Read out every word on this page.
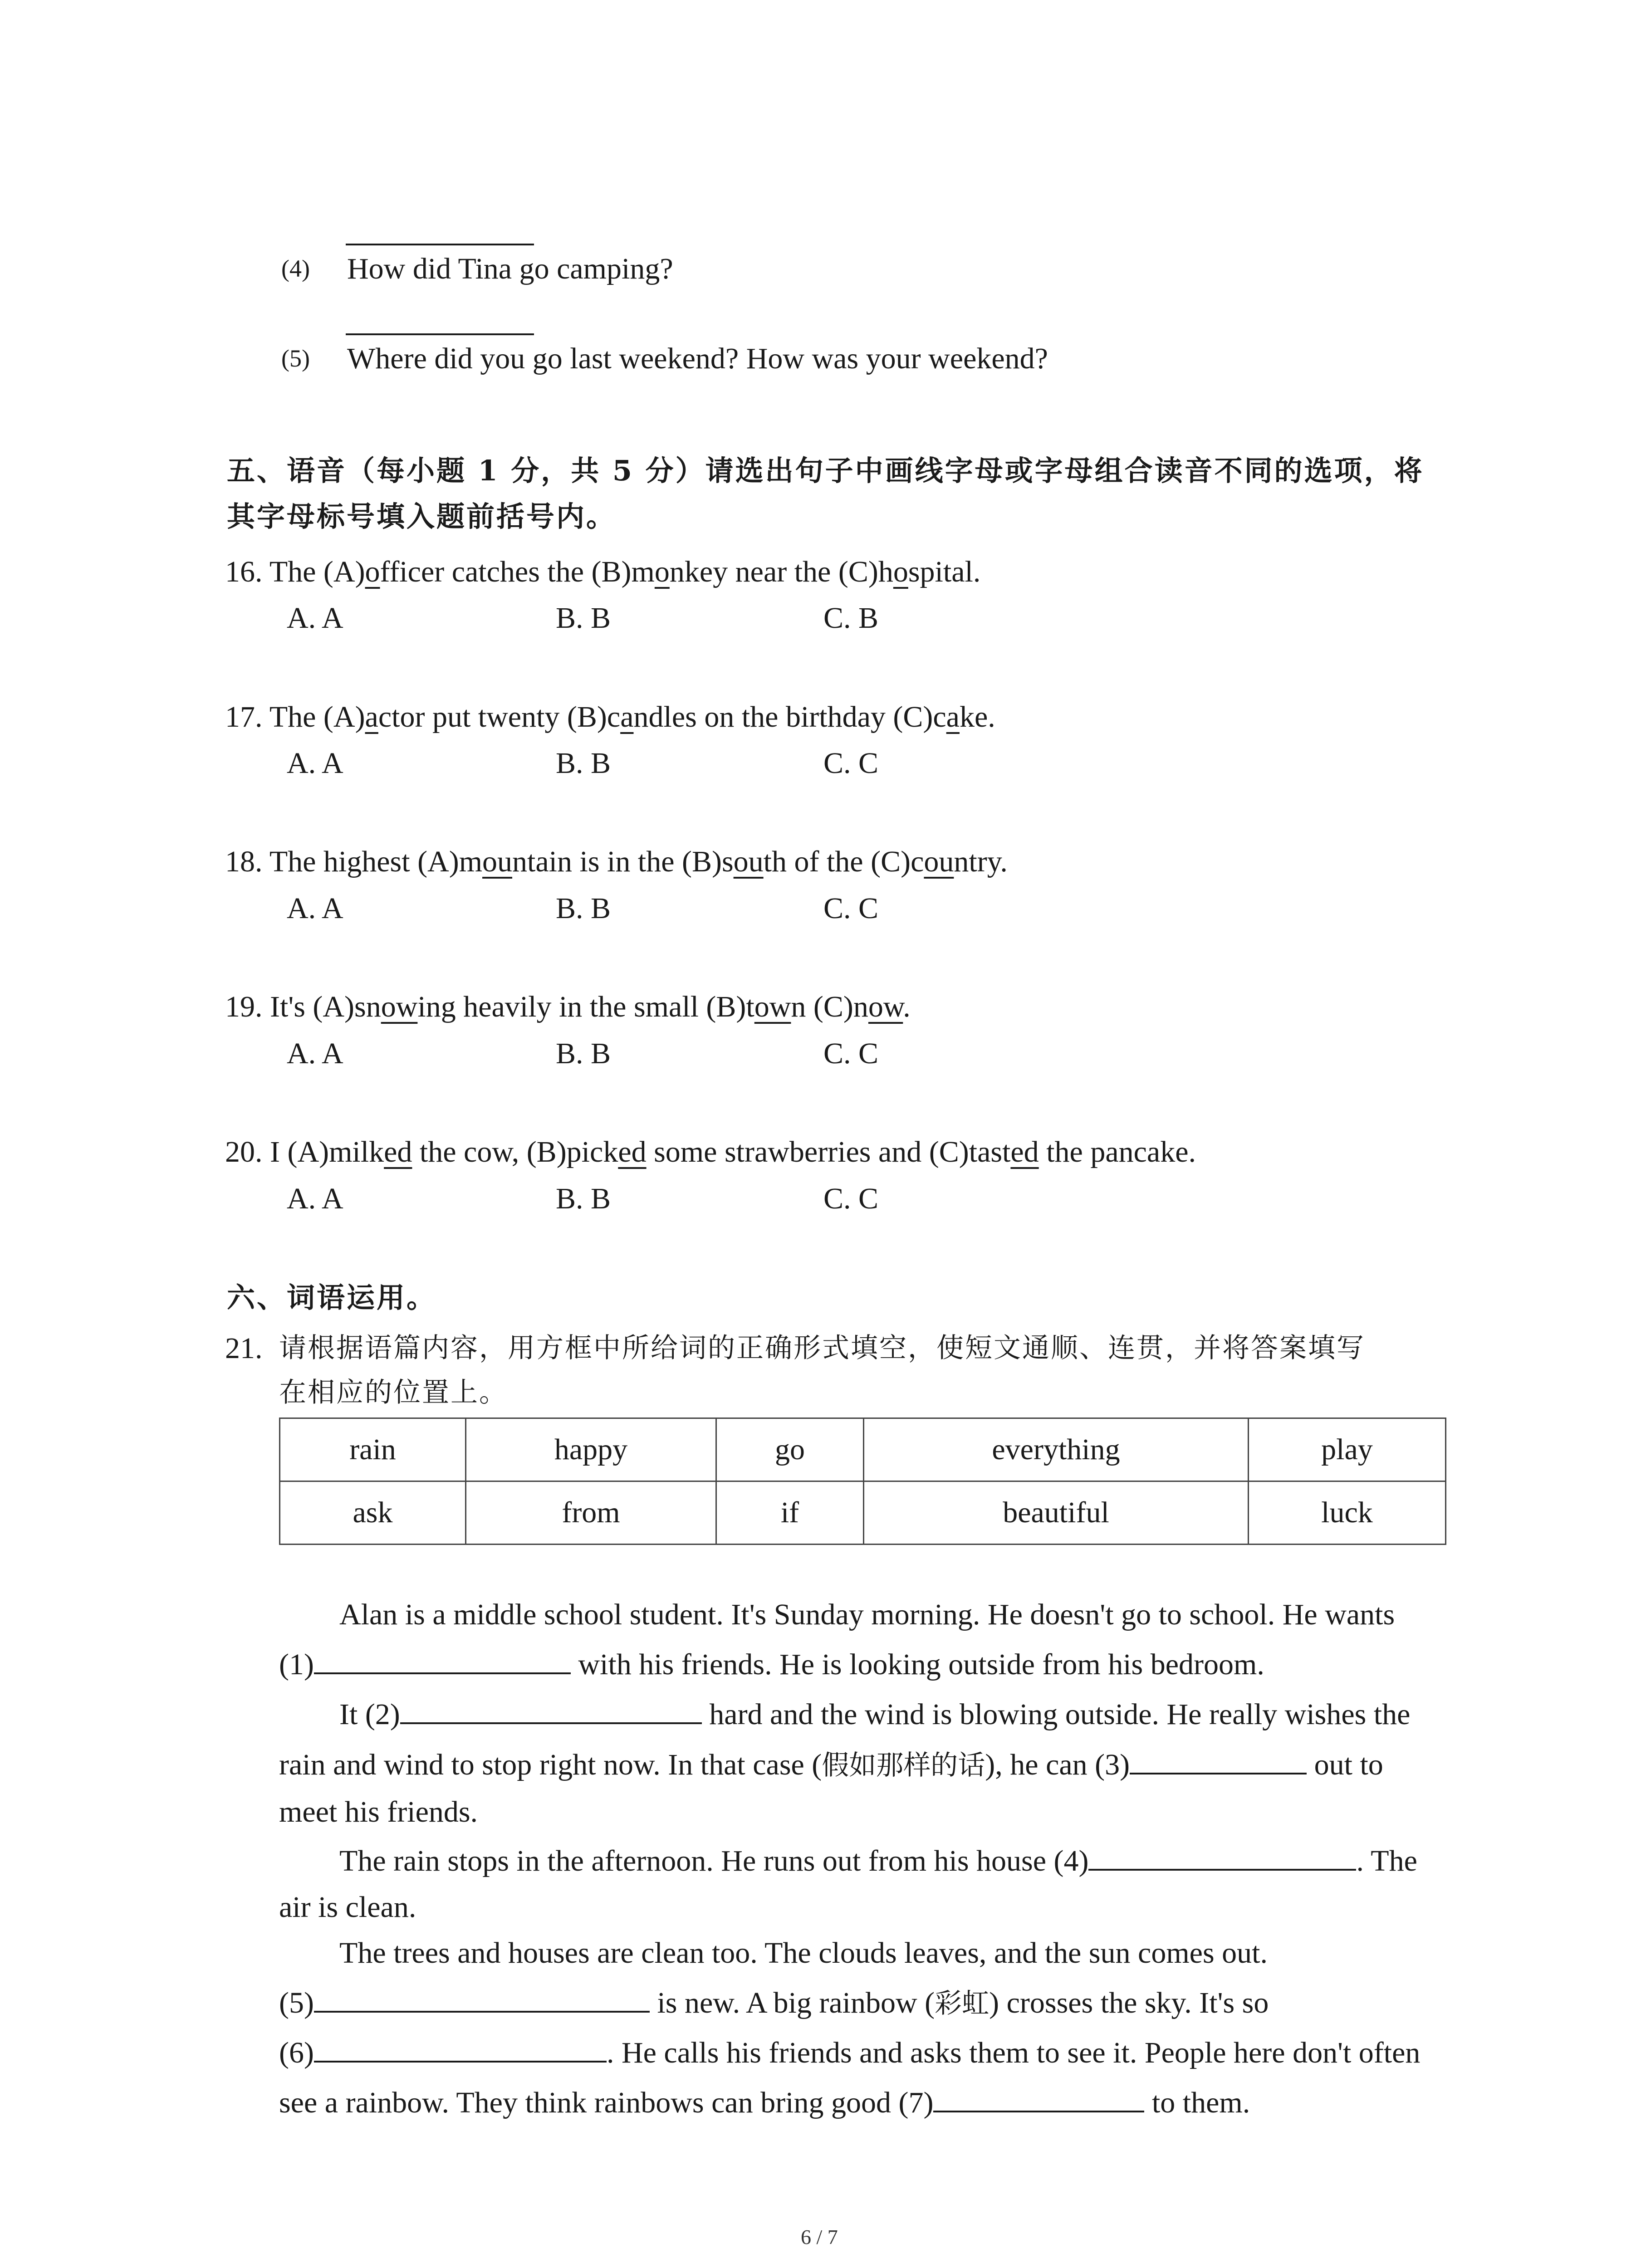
(4) How did Tina go camping?
(5) Where did you go last weekend? How was your weekend?
五、语音（每小题 1 分，共 5 分）请选出句子中画线字母或字母组合读音不同的选项，将
其字母标号填入题前括号内。
16. The (A)officer catches the (B)monkey near the (C)hospital.
A. A	B. B	C. B
17. The (A)actor put twenty (B)candles on the birthday (C)cake.
A. A	B. B	C. C
18. The highest (A)mountain is in the (B)south of the (C)country.
A. A	B. B	C. C
19. It's (A)snowing heavily in the small (B)town (C)now.
A. A	B. B	C. C
20. I (A)milked the cow, (B)picked some strawberries and (C)tasted the pancake.
A. A	B. B	C. C
六、词语运用。
21. 请根据语篇内容，用方框中所给词的正确形式填空，使短文通顺、连贯，并将答案填写
在相应的位置上。
rain	happy	go	everything	play
ask	from	if	beautiful	luck
Alan is a middle school student. It's Sunday morning. He doesn't go to school. He wants
(1)	with his friends. He is looking outside from his bedroom.
It (2)	hard and the wind is blowing outside. He really wishes the
rain and wind to stop right now. In that case (假如那样的话), he can (3)	out to
meet his friends.
The rain stops in the afternoon. He runs out from his house (4)	. The
air is clean.
The trees and houses are clean too. The clouds leaves, and the sun comes out.
(5)	is new. A big rainbow (彩虹) crosses the sky. It's so
(6)	. He calls his friends and asks them to see it. People here don't often
see a rainbow. They think rainbows can bring good (7)	to them.
6 / 7
